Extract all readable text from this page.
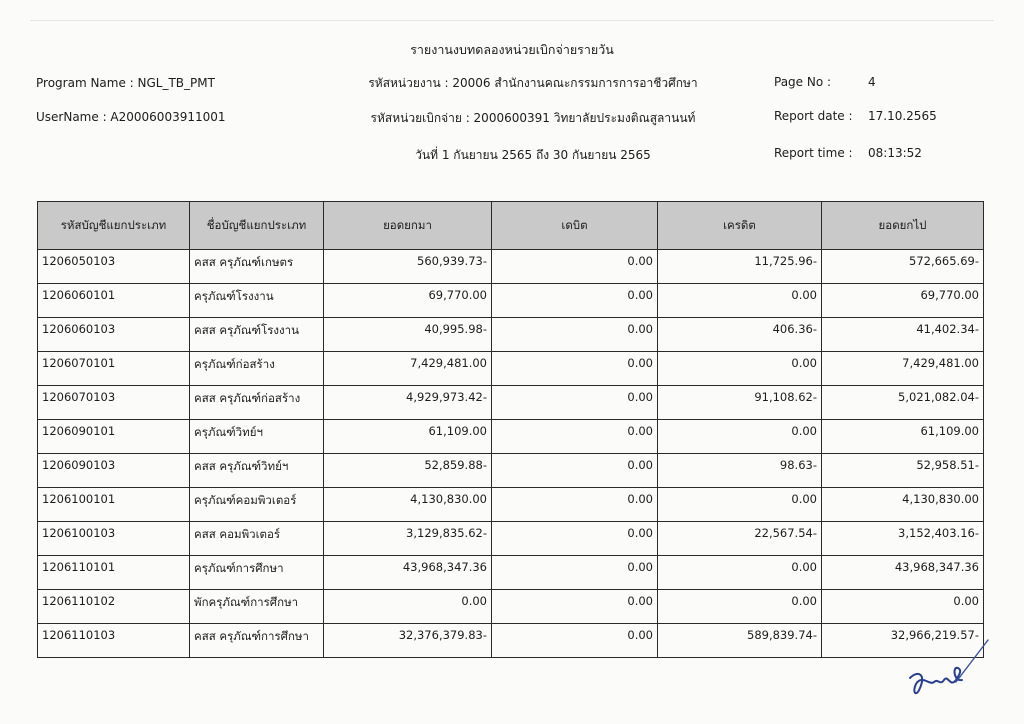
รายงานงบทดลองหน่วยเบิกจ่ายรายวัน
Program Name : NGL_TB_PMT
UserName : A20006003911001
รหัสหน่วยงาน : 20006 สำนักงานคณะกรรมการการอาชีวศึกษา
รหัสหน่วยเบิกจ่าย : 2000600391 วิทยาลัยประมงติณสูลานนท์
วันที่ 1 กันยายน 2565 ถึง 30 กันยายน 2565
Page No :	4
Report date : 17.10.2565
Report time : 08:13:52
รหัสบัญชีแยกประเภท	ชื่อบัญชีแยกประเภท	ยอดยกมา	เดบิต	เครดิต	ยอดยกไป
1206050103	คสส ครุภัณฑ์เกษตร	560,939.73-	0.00	11,725.96-	572,665.69-
1206060101	ครุภัณฑ์โรงงาน	69,770.00	0.00	0.00	69,770.00
1206060103	คสส ครุภัณฑ์โรงงาน	40,995.98-	0.00	406.36-	41,402.34-
1206070101	ครุภัณฑ์ก่อสร้าง	7,429,481.00	0.00	0.00	7,429,481.00
1206070103	คสส ครุภัณฑ์ก่อสร้าง	4,929,973.42-	0.00	91,108.62-	5,021,082.04-
1206090101	ครุภัณฑ์วิทย์ฯ	61,109.00	0.00	0.00	61,109.00
1206090103	คสส ครุภัณฑ์วิทย์ฯ	52,859.88-	0.00	98.63-	52,958.51-
1206100101	ครุภัณฑ์คอมพิวเตอร์	4,130,830.00	0.00	0.00	4,130,830.00
1206100103	คสส คอมพิวเตอร์	3,129,835.62-	0.00	22,567.54-	3,152,403.16-
1206110101	ครุภัณฑ์การศึกษา	43,968,347.36	0.00	0.00	43,968,347.36
1206110102	พักครุภัณฑ์การศึกษา	0.00	0.00	0.00	0.00
1206110103	คสส ครุภัณฑ์การศึกษา	32,376,379.83-	0.00	589,839.74-	32,966,219.57-
